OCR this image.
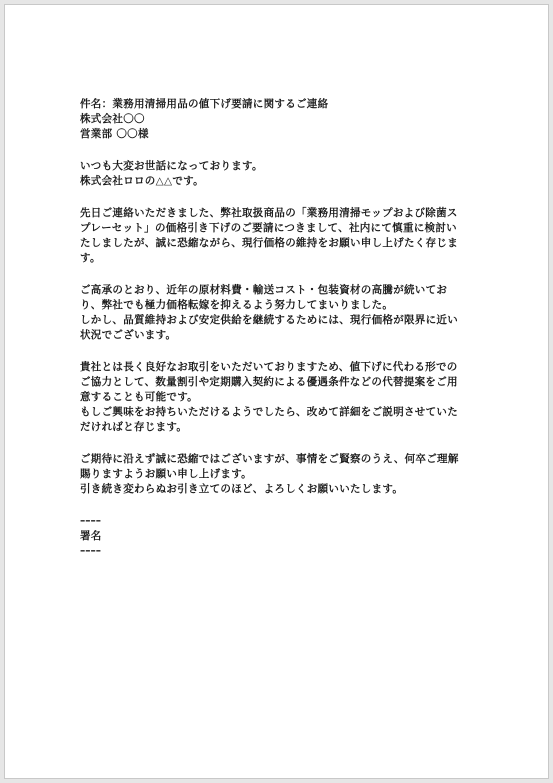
件名：業務用清掃用品の値下げ要請に関するご連絡

株式会社〇〇
営業部 〇〇様
いつも大変お世話になっております。
株式会社ロロの△△です。
先日ご連絡いただきました、弊社取扱商品の「業務用清掃モップおよび除菌ス
プレーセット」の価格引き下げのご要請につきまして、社内にて慎重に検討い
たしましたが、誠に恐縮ながら、現行価格の維持をお願い申し上げたく存じま
す。
ご高承のとおり、近年の原材料費・輸送コスト・包装資材の高騰が続いてお
り、弊社でも極力価格転嫁を抑えるよう努力してまいりました。
しかし、品質維持および安定供給を継続するためには、現行価格が限界に近い
状況でございます。
貴社とは長く良好なお取引をいただいておりますため、値下げに代わる形での
ご協力として、数量割引や定期購入契約による優遇条件などの代替提案をご用
意することも可能です。
もしご興味をお持ちいただけるようでしたら、改めて詳細をご説明させていた
だければと存じます。
ご期待に沿えず誠に恐縮ではございますが、事情をご賢察のうえ、何卒ご理解
賜りますようお願い申し上げます。
引き続き変わらぬお引き立てのほど、よろしくお願いいたします。
––––
署名
––––
